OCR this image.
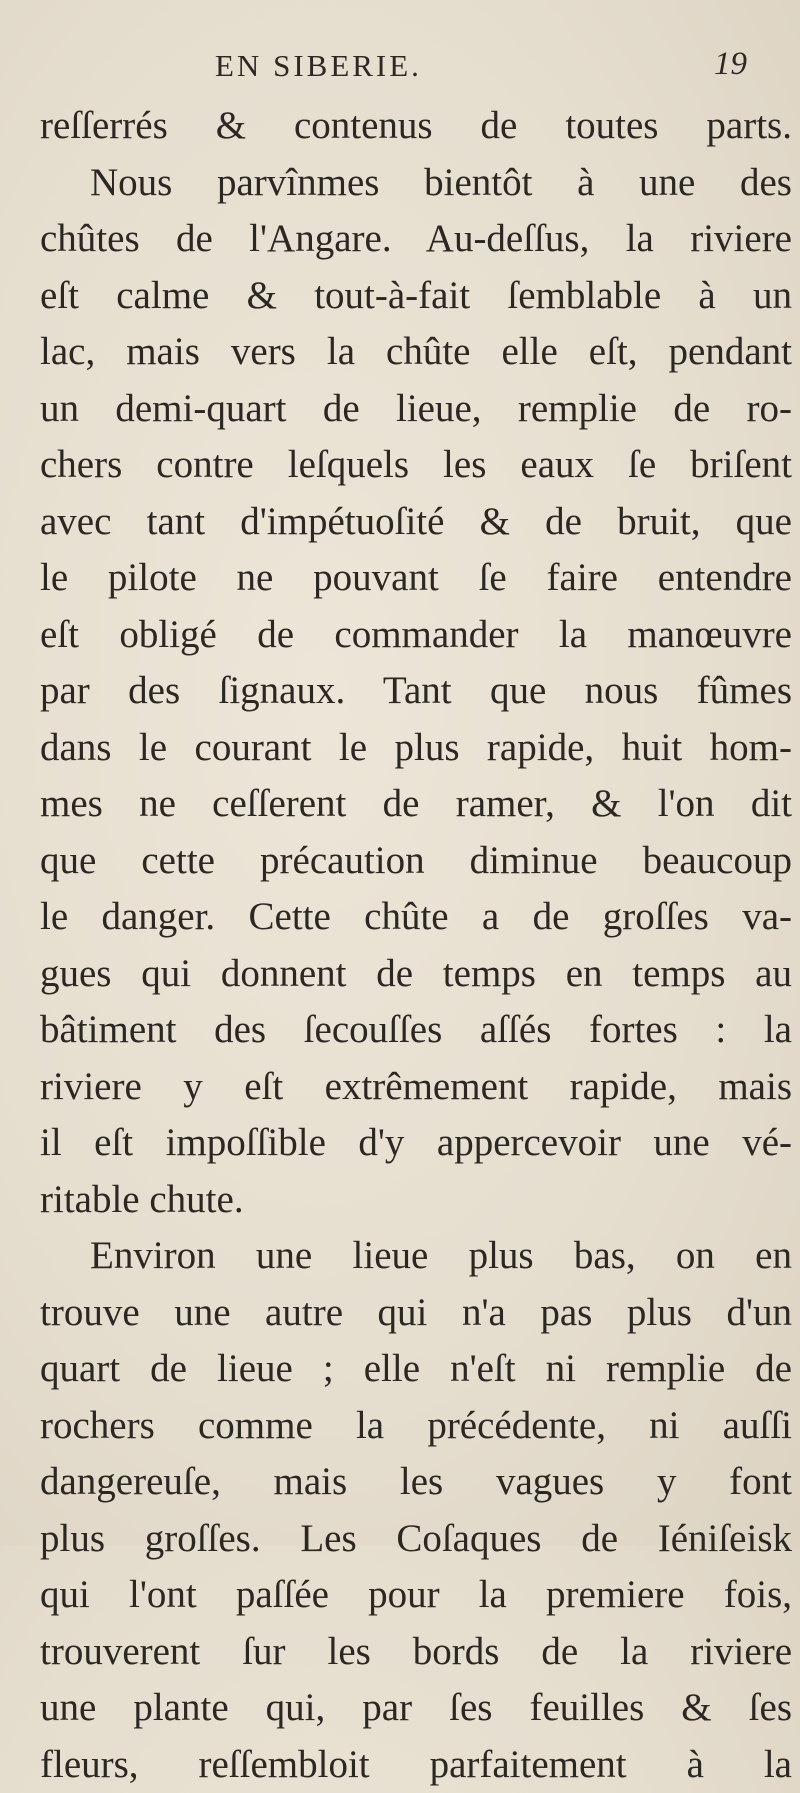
EN SIBERIE.	19
reſſerrés & contenus de toutes parts.
Nous parvînmes bientôt à une des
chûtes de l'Angare. Au-deſſus, la riviere
eſt calme & tout-à-fait ſemblable à un
lac, mais vers la chûte elle eſt, pendant
un demi-quart de lieue, remplie de ro-
chers contre leſquels les eaux ſe briſent
avec tant d'impétuoſité & de bruit, que
le pilote ne pouvant ſe faire entendre
eſt obligé de commander la manœuvre
par des ſignaux. Tant que nous fûmes
dans le courant le plus rapide, huit hom-
mes ne ceſſerent de ramer, & l'on dit
que cette précaution diminue beaucoup
le danger. Cette chûte a de groſſes va-
gues qui donnent de temps en temps au
bâtiment des ſecouſſes aſſés fortes : la
riviere y eſt extrêmement rapide, mais
il eſt impoſſible d'y appercevoir une vé-
ritable chute.
Environ une lieue plus bas, on en
trouve une autre qui n'a pas plus d'un
quart de lieue ; elle n'eſt ni remplie de
rochers comme la précédente, ni auſſi
dangereuſe, mais les vagues y font
plus groſſes. Les Coſaques de Iéniſeisk
qui l'ont paſſée pour la premiere fois,
trouverent ſur les bords de la riviere
une plante qui, par ſes feuilles & ſes
fleurs, reſſembloit parfaitement à la
